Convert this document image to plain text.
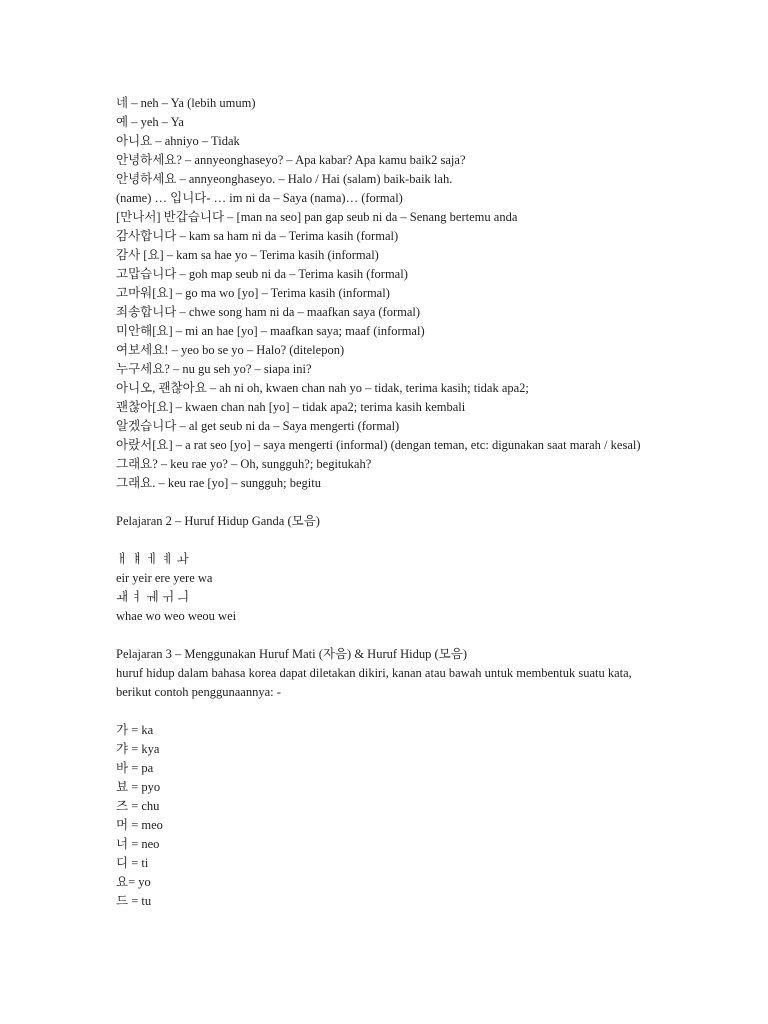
네 – neh – Ya (lebih umum)
예 – yeh – Ya
아니요 – ahniyo – Tidak
안녕하세요? – annyeonghaseyo? – Apa kabar? Apa kamu baik2 saja?
안녕하세요 – annyeonghaseyo. – Halo / Hai (salam) baik-baik lah.
(name) … 입니다- … im ni da – Saya (nama)… (formal)
[만나서] 반갑습니다 – [man na seo] pan gap seub ni da – Senang bertemu anda
감사합니다 – kam sa ham ni da – Terima kasih (formal)
감사 [요] – kam sa hae yo – Terima kasih (informal)
고맙습니다 – goh map seub ni da – Terima kasih (formal)
고마워[요] – go ma wo [yo] – Terima kasih (informal)
죄송합니다 – chwe song ham ni da – maafkan saya (formal)
미안해[요] – mi an hae [yo] – maafkan saya; maaf (informal)
여보세요! – yeo bo se yo – Halo? (ditelepon)
누구세요? – nu gu seh yo? – siapa ini?
아니오, 괜찮아요 – ah ni oh, kwaen chan nah yo – tidak, terima kasih; tidak apa2;
괜찮아[요] – kwaen chan nah [yo] – tidak apa2; terima kasih kembali
알겠습니다 – al get seub ni da – Saya mengerti (formal)
아랐서[요] – a rat seo [yo] – saya mengerti (informal) (dengan teman, etc: digunakan saat marah / kesal)
그래요? – keu rae yo? – Oh, sungguh?; begitukah?
그래요. – keu rae [yo] – sungguh; begitu
Pelajaran 2 – Huruf Hidup Ganda (모음)
ㅐ ㅒ ㅔ ㅖ ㅘ
eir yeir ere yere wa
ㅙ ㅕ ㅞ ㅟ ㅢ
whae wo weo weou wei
Pelajaran 3 – Menggunakan Huruf Mati (자음) & Huruf Hidup (모음)
huruf hidup dalam bahasa korea dapat diletakan dikiri, kanan atau bawah untuk membentuk suatu kata, berikut contoh penggunaannya: -
가 = ka
갸 = kya
바 = pa
뵤 = pyo
즈 = chu
머 = meo
너 = neo
디 = ti
요= yo
드 = tu
